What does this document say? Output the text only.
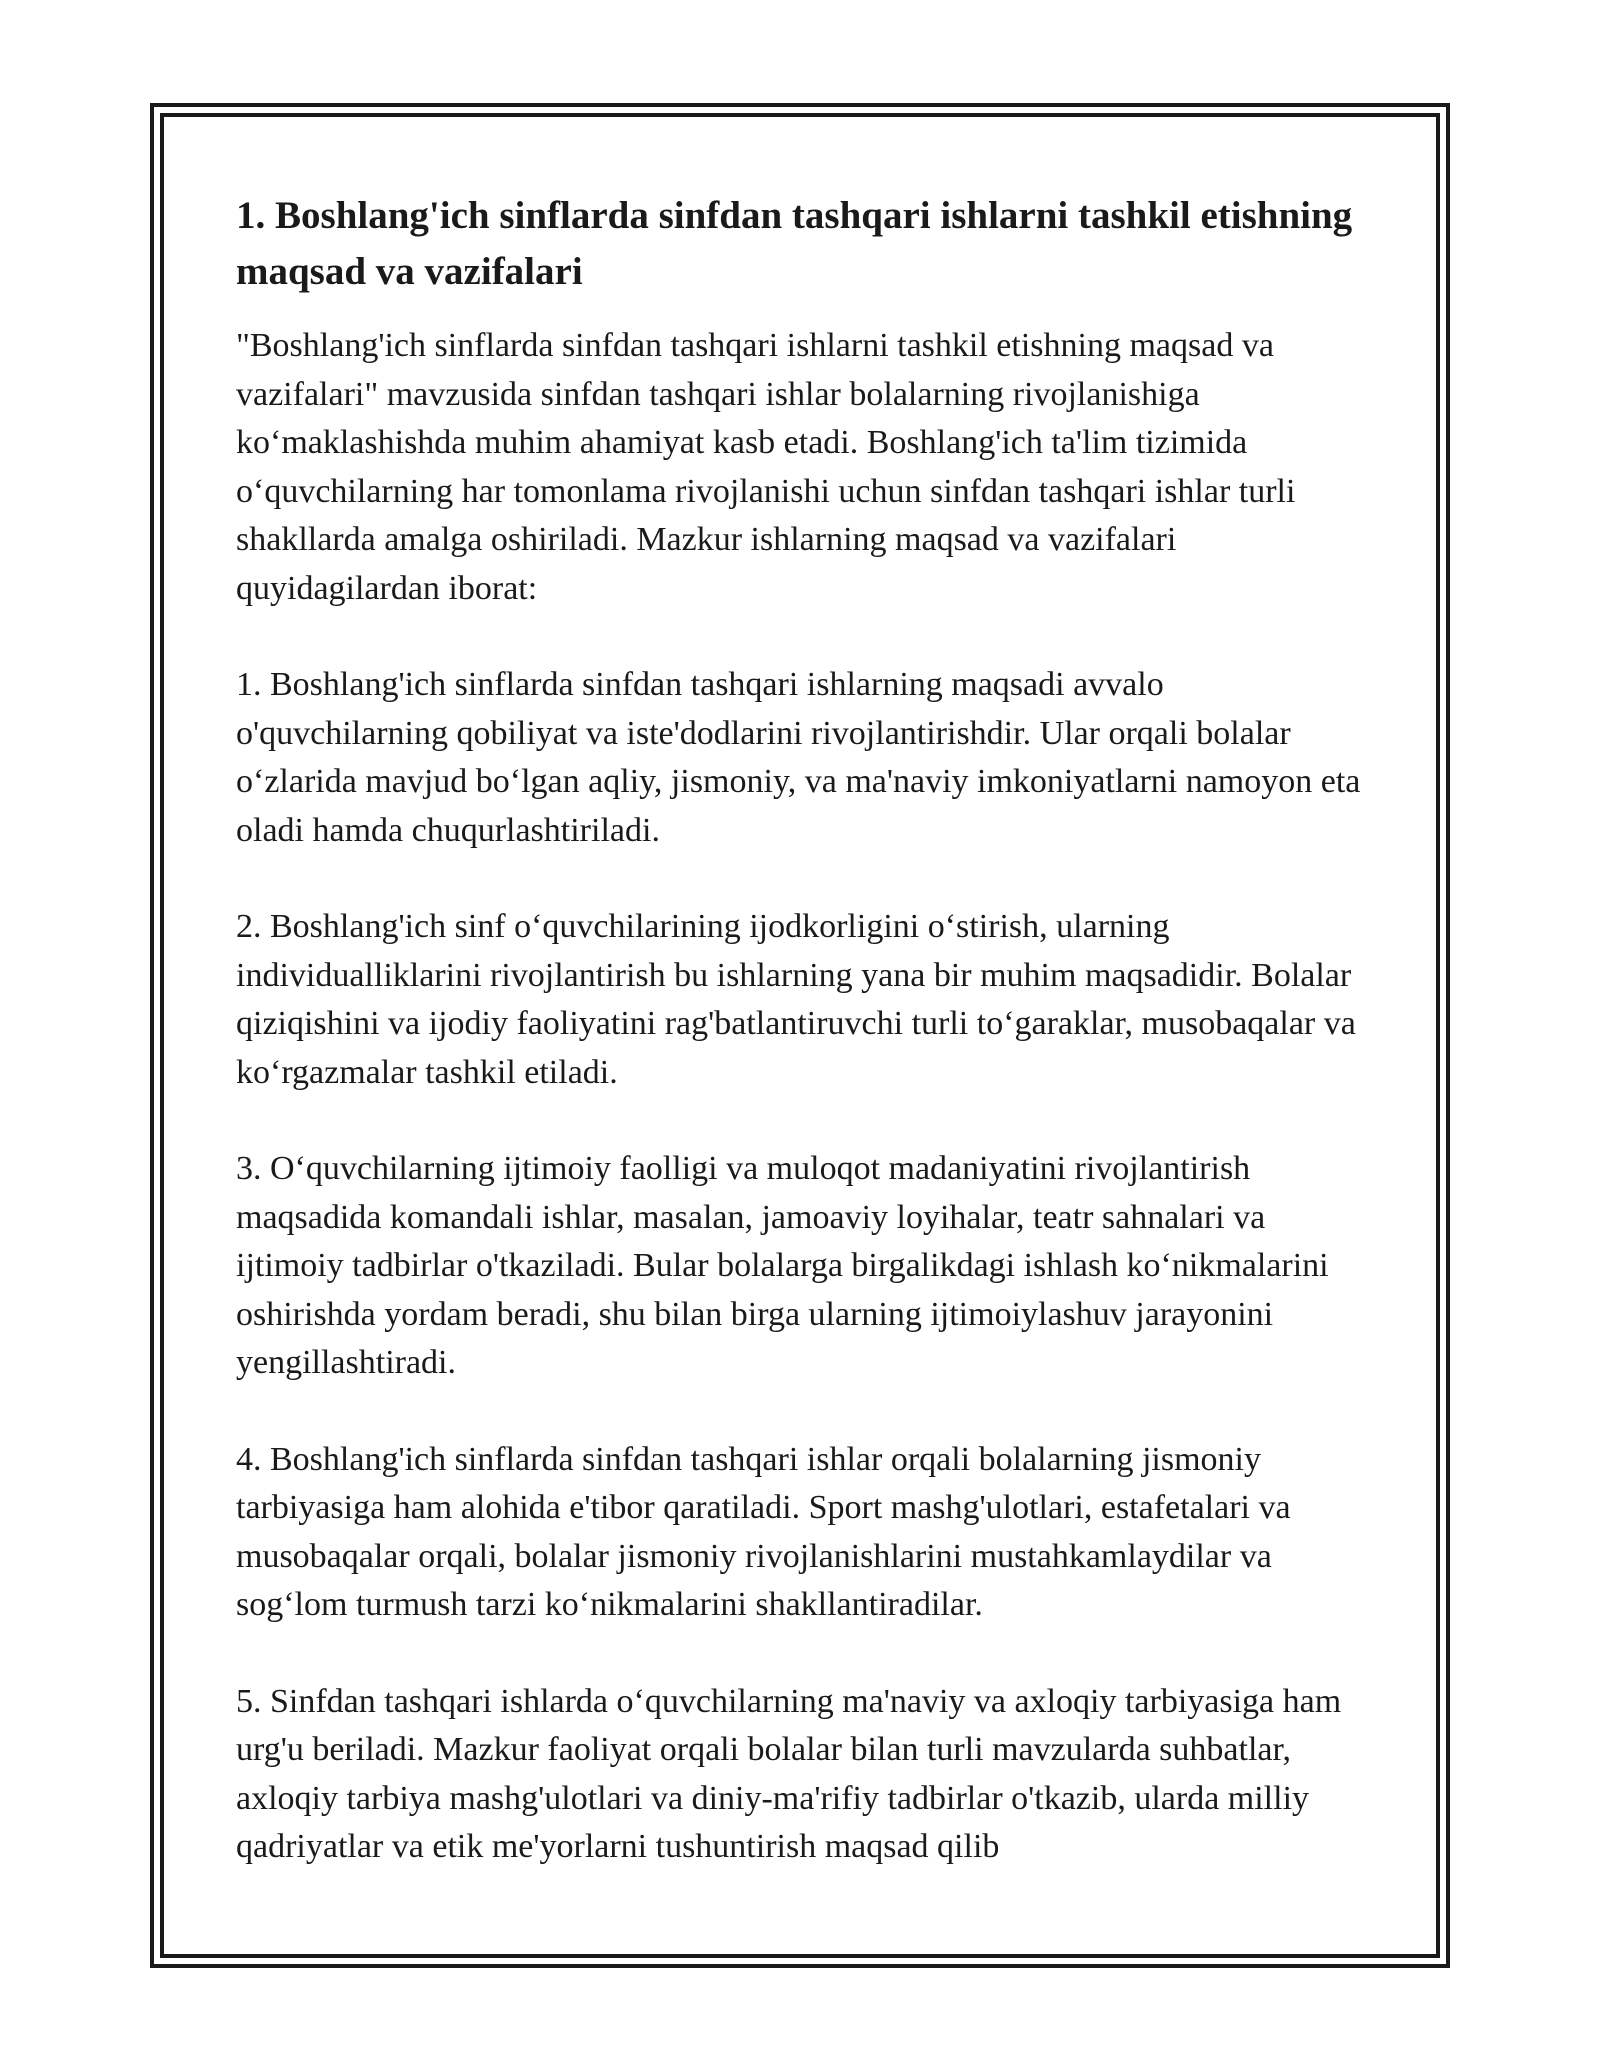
1. Boshlang'ich sinflarda sinfdan tashqari ishlarni tashkil etishning maqsad va vazifalari

"Boshlang'ich sinflarda sinfdan tashqari ishlarni tashkil etishning maqsad va vazifalari" mavzusida sinfdan tashqari ishlar bolalarning rivojlanishiga ko‘maklashishda muhim ahamiyat kasb etadi. Boshlang'ich ta'lim tizimida o‘quvchilarning har tomonlama rivojlanishi uchun sinfdan tashqari ishlar turli shakllarda amalga oshiriladi. Mazkur ishlarning maqsad va vazifalari quyidagilardan iborat:

1. Boshlang'ich sinflarda sinfdan tashqari ishlarning maqsadi avvalo o'quvchilarning qobiliyat va iste'dodlarini rivojlantirishdir. Ular orqali bolalar o‘zlarida mavjud bo‘lgan aqliy, jismoniy, va ma'naviy imkoniyatlarni namoyon eta oladi hamda chuqurlashtiriladi.

2. Boshlang'ich sinf o‘quvchilarining ijodkorligini o‘stirish, ularning individualliklarini rivojlantirish bu ishlarning yana bir muhim maqsadidir. Bolalar qiziqishini va ijodiy faoliyatini rag'batlantiruvchi turli to‘garaklar, musobaqalar va ko‘rgazmalar tashkil etiladi.

3. O‘quvchilarning ijtimoiy faolligi va muloqot madaniyatini rivojlantirish maqsadida komandali ishlar, masalan, jamoaviy loyihalar, teatr sahnalari va ijtimoiy tadbirlar o'tkaziladi. Bular bolalarga birgalikdagi ishlash ko‘nikmalarini oshirishda yordam beradi, shu bilan birga ularning ijtimoiylashuv jarayonini yengillashtiradi.

4. Boshlang'ich sinflarda sinfdan tashqari ishlar orqali bolalarning jismoniy tarbiyasiga ham alohida e'tibor qaratiladi. Sport mashg'ulotlari, estafetalari va musobaqalar orqali, bolalar jismoniy rivojlanishlarini mustahkamlaydilar va sog‘lom turmush tarzi ko‘nikmalarini shakllantiradilar.

5. Sinfdan tashqari ishlarda o‘quvchilarning ma'naviy va axloqiy tarbiyasiga ham urg'u beriladi. Mazkur faoliyat orqali bolalar bilan turli mavzularda suhbatlar, axloqiy tarbiya mashg'ulotlari va diniy-ma'rifiy tadbirlar o'tkazib, ularda milliy qadriyatlar va etik me'yorlarni tushuntirish maqsad qilib
